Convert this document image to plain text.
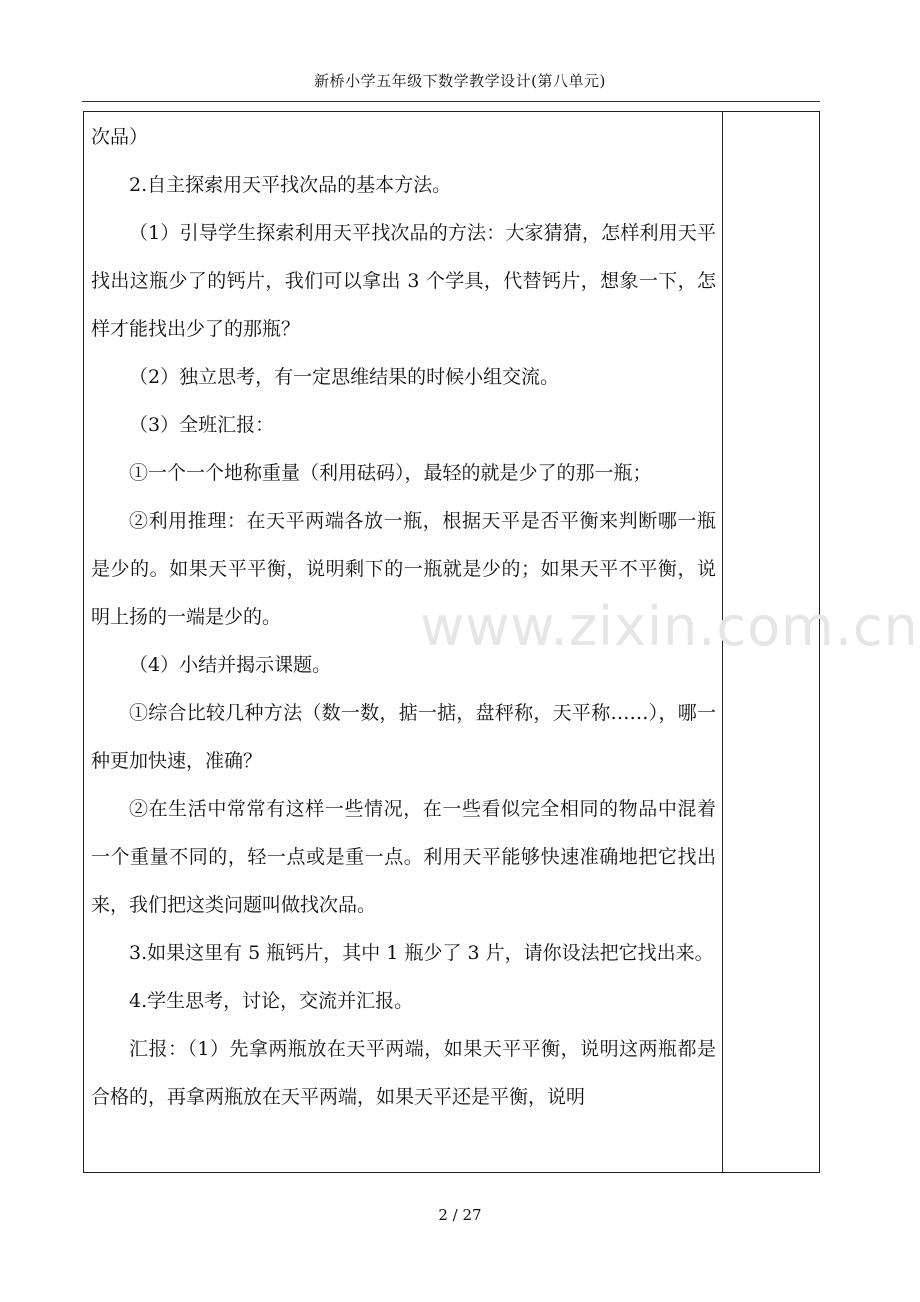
新桥小学五年级下数学教学设计(第八单元)

次品）

2.自主探索用天平找次品的基本方法。

（1）引导学生探索利用天平找次品的方法：大家猜猜，怎样利用天平找出这瓶少了的钙片，我们可以拿出 3 个学具，代替钙片，想象一下，怎样才能找出少了的那瓶？

（2）独立思考，有一定思维结果的时候小组交流。

（3）全班汇报：

①一个一个地称重量（利用砝码），最轻的就是少了的那一瓶；

②利用推理：在天平两端各放一瓶，根据天平是否平衡来判断哪一瓶是少的。如果天平平衡，说明剩下的一瓶就是少的；如果天平不平衡，说明上扬的一端是少的。

（4）小结并揭示课题。

①综合比较几种方法（数一数，掂一掂，盘秤称，天平称……），哪一种更加快速，准确？

②在生活中常常有这样一些情况，在一些看似完全相同的物品中混着一个重量不同的，轻一点或是重一点。利用天平能够快速准确地把它找出来，我们把这类问题叫做找次品。

3.如果这里有 5 瓶钙片，其中 1 瓶少了 3 片，请你设法把它找出来。

4.学生思考，讨论，交流并汇报。

汇报：（1）先拿两瓶放在天平两端，如果天平平衡，说明这两瓶都是合格的，再拿两瓶放在天平两端，如果天平还是平衡，说明

www.zixin.com.cn
2 / 27
